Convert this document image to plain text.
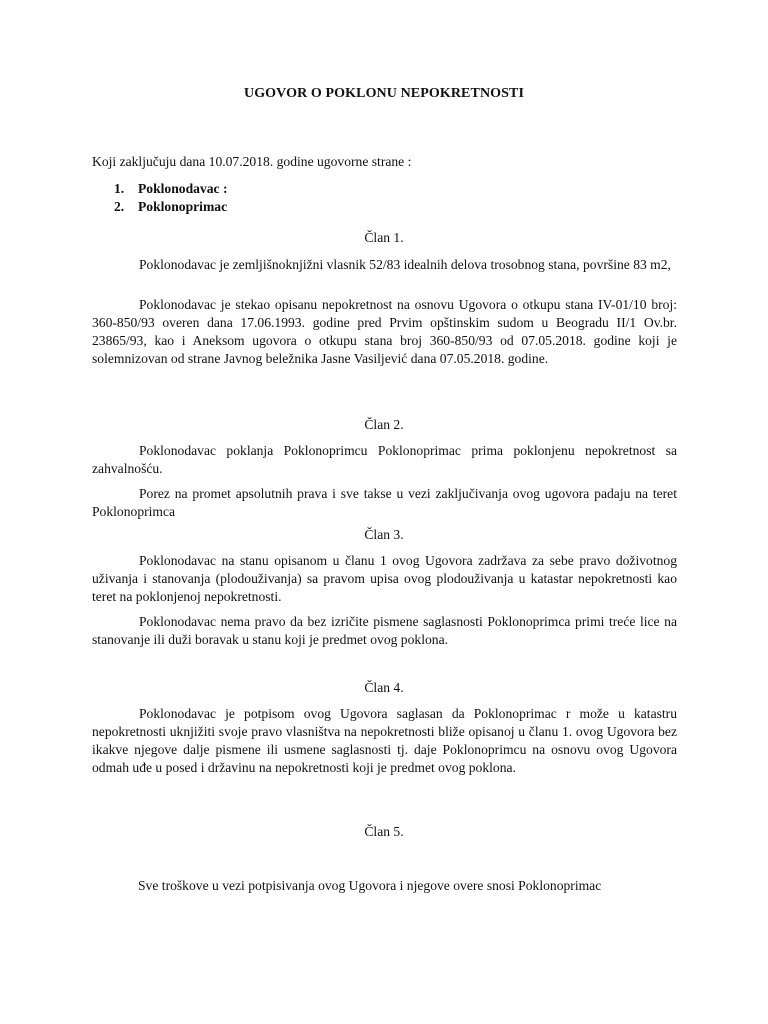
UGOVOR O POKLONU NEPOKRETNOSTI
Koji zaključuju dana 10.07.2018. godine ugovorne strane :
1. Poklonodavac :
2. Poklonoprimac
Član 1.
Poklonodavac je zemljišnoknjižni vlasnik 52/83 idealnih delova trosobnog stana, površine 83 m2,
Poklonodavac je stekao opisanu nepokretnost na osnovu Ugovora o otkupu stana IV-01/10 broj: 360-850/93 overen dana 17.06.1993. godine pred Prvim opštinskim sudom u Beogradu II/1 Ov.br. 23865/93, kao i Aneksom ugovora o otkupu stana broj 360-850/93 od 07.05.2018. godine koji je solemnizovan od strane Javnog beležnika Jasne Vasiljević dana 07.05.2018. godine.
Član 2.
Poklonodavac poklanja Poklonoprimcu Poklonoprimac prima poklonjenu nepokretnost sa zahvalnošću.
Porez na promet apsolutnih prava i sve takse u vezi zaključivanja ovog ugovora padaju na teret Poklonoprimca
Član 3.
Poklonodavac na stanu opisanom u članu 1 ovog Ugovora zadržava za sebe pravo doživotnog uživanja i stanovanja (plodouživanja) sa pravom upisa ovog plodouživanja u katastar nepokretnosti kao teret na poklonjenoj nepokretnosti.
Poklonodavac nema pravo da bez izričite pismene saglasnosti Poklonoprimca primi treće lice na stanovanje ili duži boravak u stanu koji je predmet ovog poklona.
Član 4.
Poklonodavac je potpisom ovog Ugovora saglasan da Poklonoprimac r može u katastru nepokretnosti uknjižiti svoje pravo vlasništva na nepokretnosti bliže opisanoj u članu 1. ovog Ugovora bez ikakve njegove dalje pismene ili usmene saglasnosti tj. daje Poklonoprimcu na osnovu ovog Ugovora odmah uđe u posed i državinu na nepokretnosti koji je predmet ovog poklona.
Član 5.
Sve troškove u vezi potpisivanja ovog Ugovora i njegove overe snosi Poklonoprimac
